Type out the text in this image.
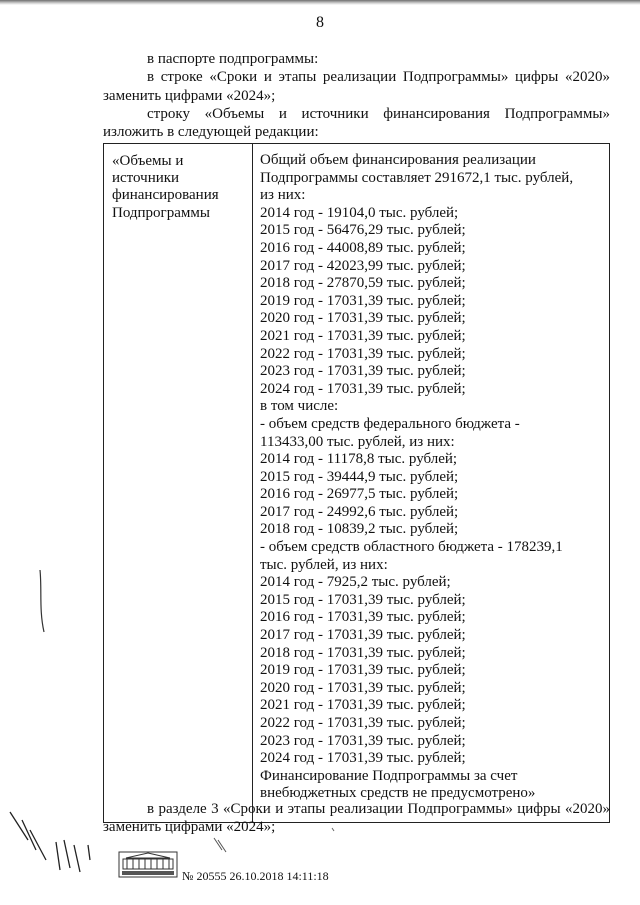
8
в паспорте подпрограммы:
в строке «Сроки и этапы реализации Подпрограммы» цифры «2020»
заменить цифрами «2024»;
строку «Объемы и источники финансирования Подпрограммы»
изложить в следующей редакции:
«Объемы и
источники
финансирования
Подпрограммы
Общий объем финансирования реализации
Подпрограммы составляет 291672,1 тыс. рублей,
из них:
2014 год - 19104,0 тыс. рублей;
2015 год - 56476,29 тыс. рублей;
2016 год - 44008,89 тыс. рублей;
2017 год - 42023,99 тыс. рублей;
2018 год - 27870,59 тыс. рублей;
2019 год - 17031,39 тыс. рублей;
2020 год - 17031,39 тыс. рублей;
2021 год - 17031,39 тыс. рублей;
2022 год - 17031,39 тыс. рублей;
2023 год - 17031,39 тыс. рублей;
2024 год - 17031,39 тыс. рублей;
в том числе:
- объем средств федерального бюджета -
113433,00 тыс. рублей, из них:
2014 год - 11178,8 тыс. рублей;
2015 год - 39444,9 тыс. рублей;
2016 год - 26977,5 тыс. рублей;
2017 год - 24992,6 тыс. рублей;
2018 год - 10839,2 тыс. рублей;
- объем средств областного бюджета - 178239,1
тыс. рублей, из них:
2014 год - 7925,2 тыс. рублей;
2015 год - 17031,39 тыс. рублей;
2016 год - 17031,39 тыс. рублей;
2017 год - 17031,39 тыс. рублей;
2018 год - 17031,39 тыс. рублей;
2019 год - 17031,39 тыс. рублей;
2020 год - 17031,39 тыс. рублей;
2021 год - 17031,39 тыс. рублей;
2022 год - 17031,39 тыс. рублей;
2023 год - 17031,39 тыс. рублей;
2024 год - 17031,39 тыс. рублей;
Финансирование Подпрограммы за счет
внебюджетных средств не предусмотрено»
в разделе 3 «Сроки и этапы реализации Подпрограммы» цифры «2020»
заменить цифрами «2024»;
№ 20555 26.10.2018 14:11:18
